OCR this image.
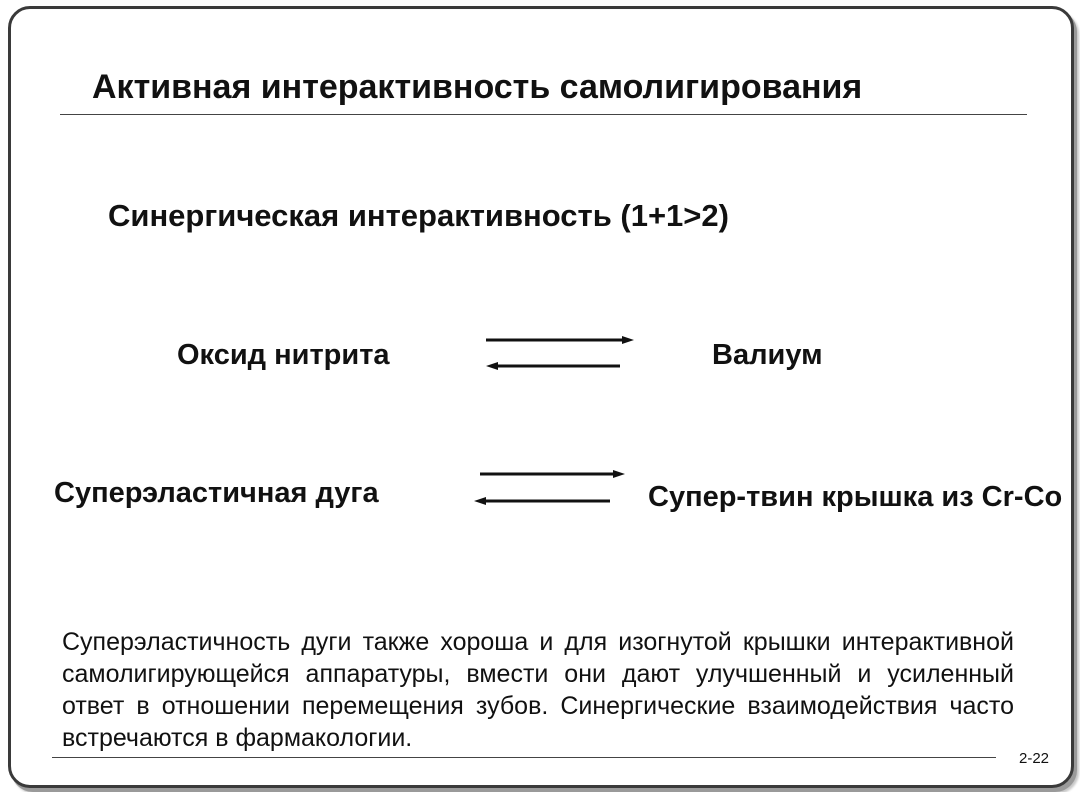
Активная интерактивность самолигирования
Синергическая интерактивность (1+1>2)
Оксид нитрита	Валиум
Суперэластичная дуга	Супер-твин крышка из Cr-Co
Суперэластичность дуги также хороша и для изогнутой крышки интерактивной самолигирующейся аппаратуры, вмести они дают улучшенный и усиленный ответ в отношении перемещения зубов. Синергические взаимодействия часто встречаются в фармакологии.
2-22
